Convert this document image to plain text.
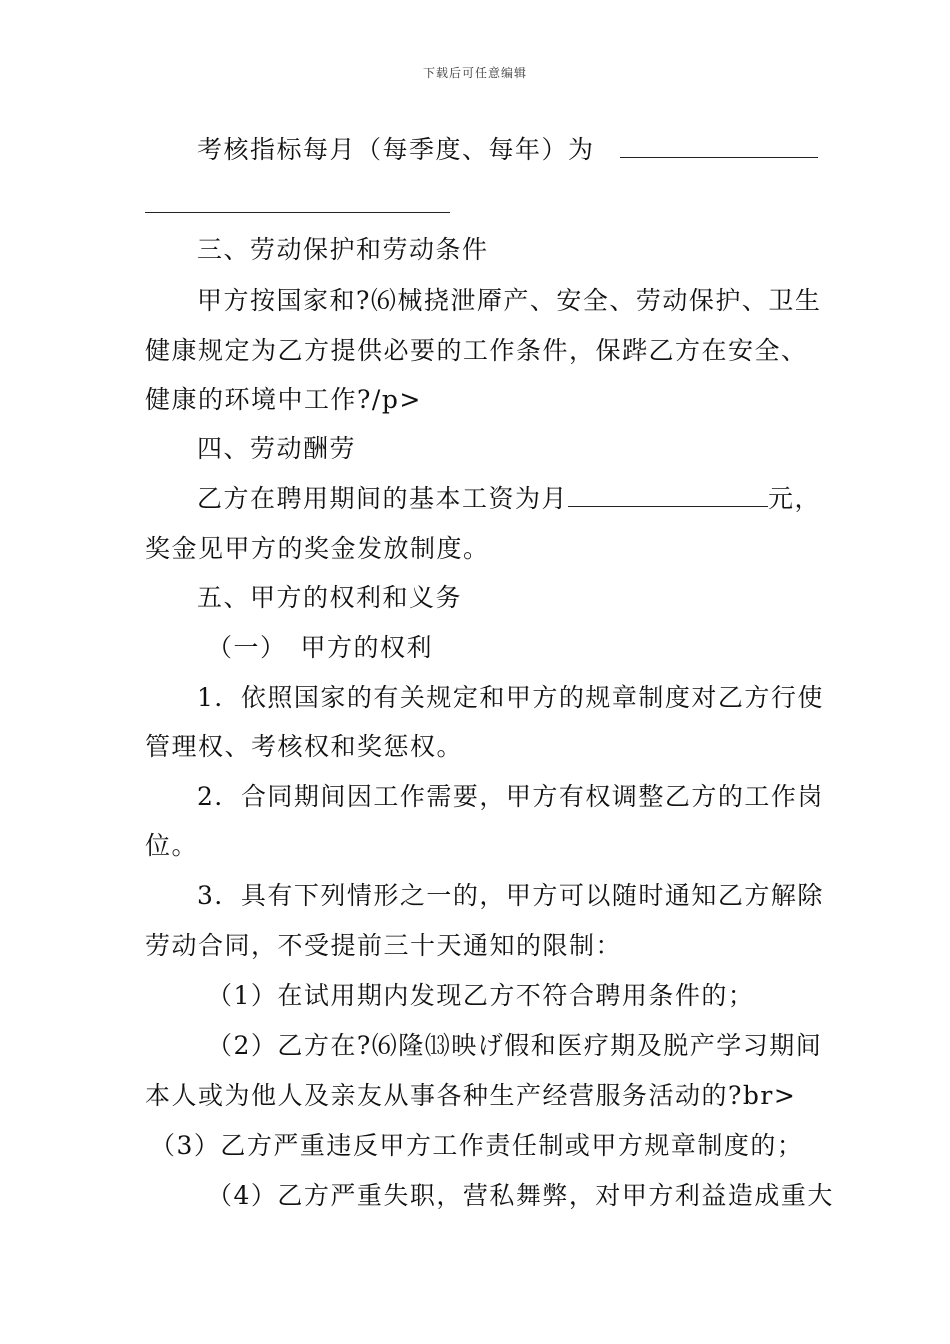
下载后可任意编辑
考核指标每月（每季度、每年）为
三、劳动保护和劳动条件
甲方按国家和?⑹械挠泄厣产、安全、劳动保护、卫生
健康规定为乙方提供必要的工作条件，保跸乙方在安全、
健康的环境中工作?/p>
四、劳动酬劳
乙方在聘用期间的基本工资为月	元，
奖金见甲方的奖金发放制度。
五、甲方的权利和义务
（一）　甲方的权利
1．依照国家的有关规定和甲方的规章制度对乙方行使
管理权、考核权和奖惩权。
2．合同期间因工作需要，甲方有权调整乙方的工作岗
位。
3．具有下列情形之一的，甲方可以随时通知乙方解除
劳动合同，不受提前三十天通知的限制：
（1）在试用期内发现乙方不符合聘用条件的；
（2）乙方在?⑹隆⒀映げ假和医疗期及脱产学习期间
本人或为他人及亲友从事各种生产经营服务活动的?br>
（3）乙方严重违反甲方工作责任制或甲方规章制度的；
（4）乙方严重失职，营私舞弊，对甲方利益造成重大
